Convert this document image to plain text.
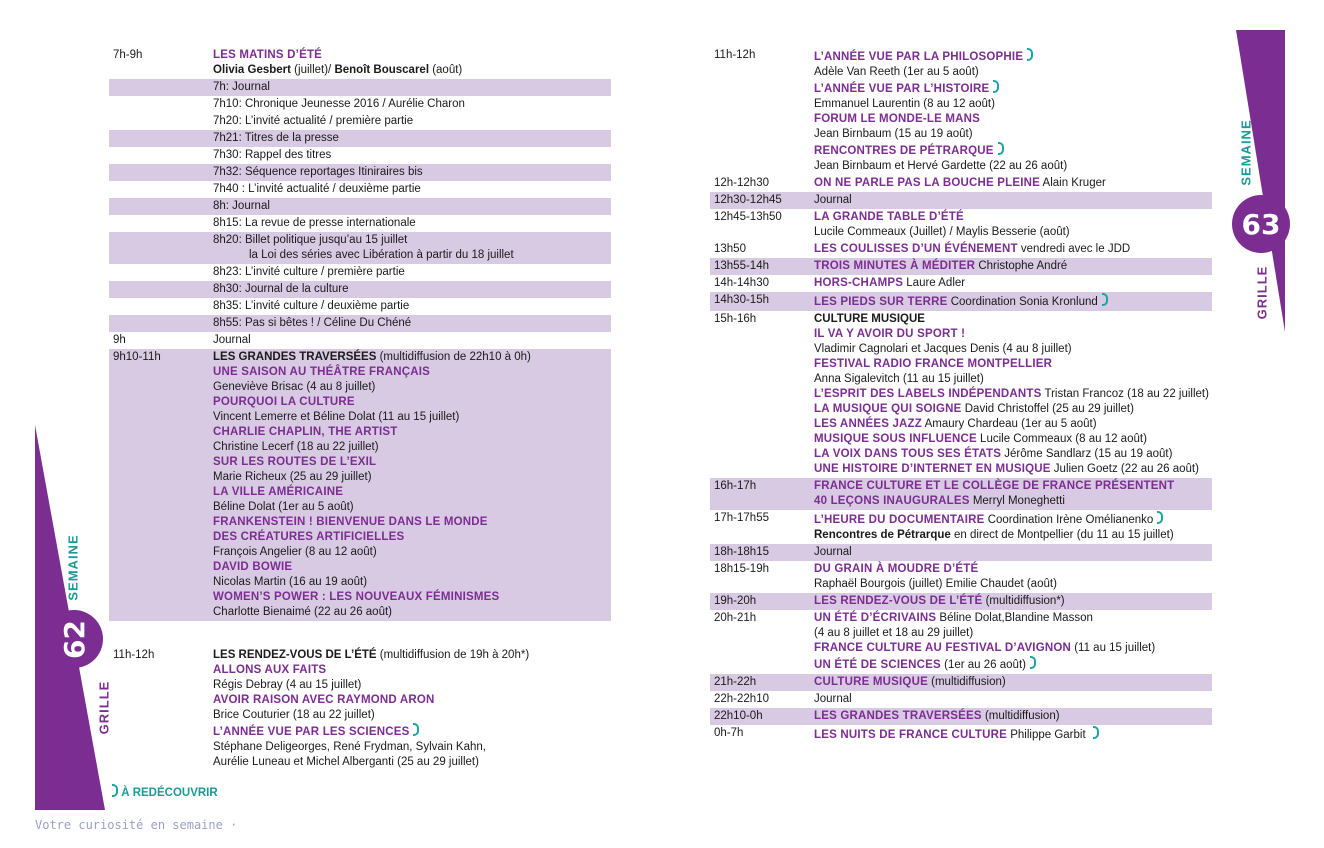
62
SEMAINE
GRILLE
63
SEMAINE
GRILLE
7h-9h	LES MATINS D’ÉTÉ
Olivia Gesbert (juillet)/ Benoît Bouscarel (août)
7h: Journal
7h10: Chronique Jeunesse 2016 / Aurélie Charon
7h20: L’invité actualité / première partie
7h21: Titres de la presse
7h30: Rappel des titres
7h32: Séquence reportages Itiniraires bis
7h40 : L’invité actualité / deuxième partie
8h: Journal
8h15: La revue de presse internationale
8h20: Billet politique jusqu’au 15 juillet
la Loi des séries avec Libération à partir du 18 juillet
8h23: L’invité culture / première partie
8h30: Journal de la culture
8h35: L’invité culture / deuxième partie
8h55: Pas si bêtes ! / Céline Du Chéné
9h	Journal
9h10-11h	LES GRANDES TRAVERSÉES (multidiffusion de 22h10 à 0h)
UNE SAISON AU THÉÂTRE FRANÇAIS
Geneviève Brisac (4 au 8 juillet)
POURQUOI LA CULTURE
Vincent Lemerre et Béline Dolat (11 au 15 juillet)
CHARLIE CHAPLIN, THE ARTIST
Christine Lecerf (18 au 22 juillet)
SUR LES ROUTES DE L’EXIL
Marie Richeux (25 au 29 juillet)
LA VILLE AMÉRICAINE
Béline Dolat (1er au 5 août)
FRANKENSTEIN ! BIENVENUE DANS LE MONDE
DES CRÉATURES ARTIFICIELLES
François Angelier (8 au 12 août)
DAVID BOWIE
Nicolas Martin (16 au 19 août)
WOMEN’S POWER : LES NOUVEAUX FÉMINISMES
Charlotte Bienaimé (22 au 26 août)
11h-12h	LES RENDEZ-VOUS DE L’ÉTÉ (multidiffusion de 19h à 20h*)
ALLONS AUX FAITS
Régis Debray (4 au 15 juillet)
AVOIR RAISON AVEC RAYMOND ARON
Brice Couturier (18 au 22 juillet)
L’ANNÉE VUE PAR LES SCIENCES
Stéphane Deligeorges, René Frydman, Sylvain Kahn,
Aurélie Luneau et Michel Alberganti (25 au 29 juillet)
À REDÉCOUVRIR
11h-12h	L’ANNÉE VUE PAR LA PHILOSOPHIE
Adèle Van Reeth (1er au 5 août)
L’ANNÉE VUE PAR L’HISTOIRE
Emmanuel Laurentin (8 au 12 août)
FORUM LE MONDE-LE MANS
Jean Birnbaum (15 au 19 août)
RENCONTRES DE PÉTRARQUE
Jean Birnbaum et Hervé Gardette (22 au 26 août)
12h-12h30	ON NE PARLE PAS LA BOUCHE PLEINE Alain Kruger
12h30-12h45	Journal
12h45-13h50	LA GRANDE TABLE D’ÉTÉ
Lucile Commeaux (Juillet) / Maylis Besserie (août)
13h50	LES COULISSES D’UN ÉVÉNEMENT vendredi avec le JDD
13h55-14h	TROIS MINUTES À MÉDITER Christophe André
14h-14h30	HORS-CHAMPS Laure Adler
14h30-15h	LES PIEDS SUR TERRE Coordination Sonia Kronlund
15h-16h	CULTURE MUSIQUE
IL VA Y AVOIR DU SPORT !
Vladimir Cagnolari et Jacques Denis (4 au 8 juillet)
FESTIVAL RADIO FRANCE MONTPELLIER
Anna Sigalevitch (11 au 15 juillet)
L’ESPRIT DES LABELS INDÉPENDANTS Tristan Francoz (18 au 22 juillet)
LA MUSIQUE QUI SOIGNE David Christoffel (25 au 29 juillet)
LES ANNÉES JAZZ Amaury Chardeau (1er au 5 août)
MUSIQUE SOUS INFLUENCE Lucile Commeaux (8 au 12 août)
LA VOIX DANS TOUS SES ÉTATS Jérôme Sandlarz (15 au 19 août)
UNE HISTOIRE D’INTERNET EN MUSIQUE Julien Goetz (22 au 26 août)
16h-17h	FRANCE CULTURE ET LE COLLÈGE DE FRANCE PRÉSENTENT
40 LEÇONS INAUGURALES Merryl Moneghetti
17h-17h55	L’HEURE DU DOCUMENTAIRE Coordination Irène Omélianenko
Rencontres de Pétrarque en direct de Montpellier (du 11 au 15 juillet)
18h-18h15	Journal
18h15-19h	DU GRAIN À MOUDRE D’ÉTÉ
Raphaël Bourgois (juillet) Emilie Chaudet (août)
19h-20h	LES RENDEZ-VOUS DE L’ÉTÉ (multidiffusion*)
20h-21h	UN ÉTÉ D’ÉCRIVAINS Béline Dolat,Blandine Masson
(4 au 8 juillet et 18 au 29 juillet)
FRANCE CULTURE AU FESTIVAL D’AVIGNON (11 au 15 juillet)
UN ÉTÉ DE SCIENCES (1er au 26 août)
21h-22h	CULTURE MUSIQUE (multidiffusion)
22h-22h10	Journal
22h10-0h	LES GRANDES TRAVERSÉES (multidiffusion)
0h-7h	LES NUITS DE FRANCE CULTURE Philippe Garbit
Votre curiosité en semaine ·
